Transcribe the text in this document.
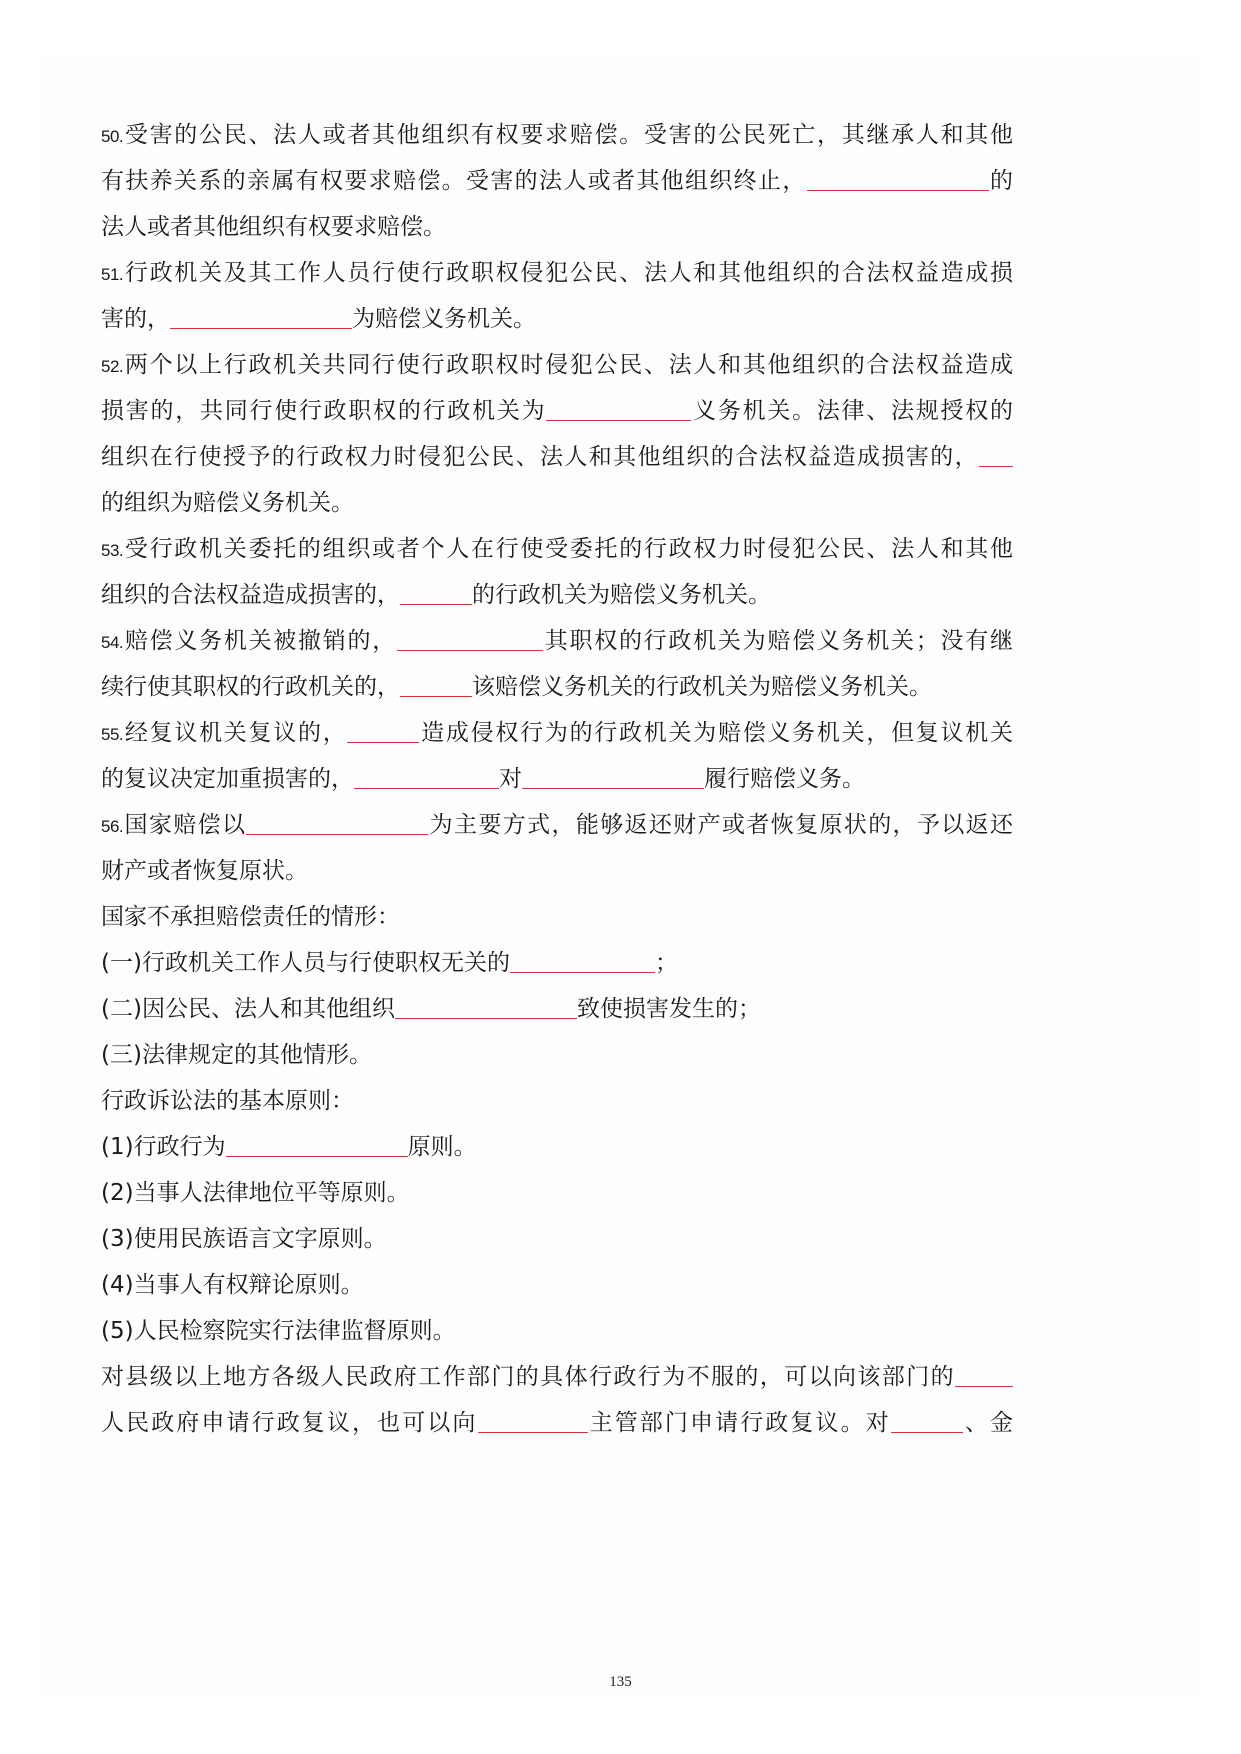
50.受害的公民、法人或者其他组织有权要求赔偿。受害的公民死亡，其继承人和其他
有扶养关系的亲属有权要求赔偿。受害的法人或者其他组织终止，	的
法人或者其他组织有权要求赔偿。
51.行政机关及其工作人员行使行政职权侵犯公民、法人和其他组织的合法权益造成损
害的，	为赔偿义务机关。
52.两个以上行政机关共同行使行政职权时侵犯公民、法人和其他组织的合法权益造成
损害的，共同行使行政职权的行政机关为	义务机关。法律、法规授权的
组织在行使授予的行政权力时侵犯公民、法人和其他组织的合法权益造成损害的，
的组织为赔偿义务机关。
53.受行政机关委托的组织或者个人在行使受委托的行政权力时侵犯公民、法人和其他
组织的合法权益造成损害的，	的行政机关为赔偿义务机关。
54.赔偿义务机关被撤销的，	其职权的行政机关为赔偿义务机关；没有继
续行使其职权的行政机关的，	该赔偿义务机关的行政机关为赔偿义务机关。
55.经复议机关复议的，	造成侵权行为的行政机关为赔偿义务机关，但复议机关
的复议决定加重损害的，	对	履行赔偿义务。
56.国家赔偿以	为主要方式，能够返还财产或者恢复原状的，予以返还
财产或者恢复原状。
国家不承担赔偿责任的情形：
(一)行政机关工作人员与行使职权无关的	；
(二)因公民、法人和其他组织	致使损害发生的；
(三)法律规定的其他情形。
行政诉讼法的基本原则：
(1)行政行为	原则。
(2)当事人法律地位平等原则。
(3)使用民族语言文字原则。
(4)当事人有权辩论原则。
(5)人民检察院实行法律监督原则。
对县级以上地方各级人民政府工作部门的具体行政行为不服的，可以向该部门的
人民政府申请行政复议，也可以向	主管部门申请行政复议。对	、金
135
